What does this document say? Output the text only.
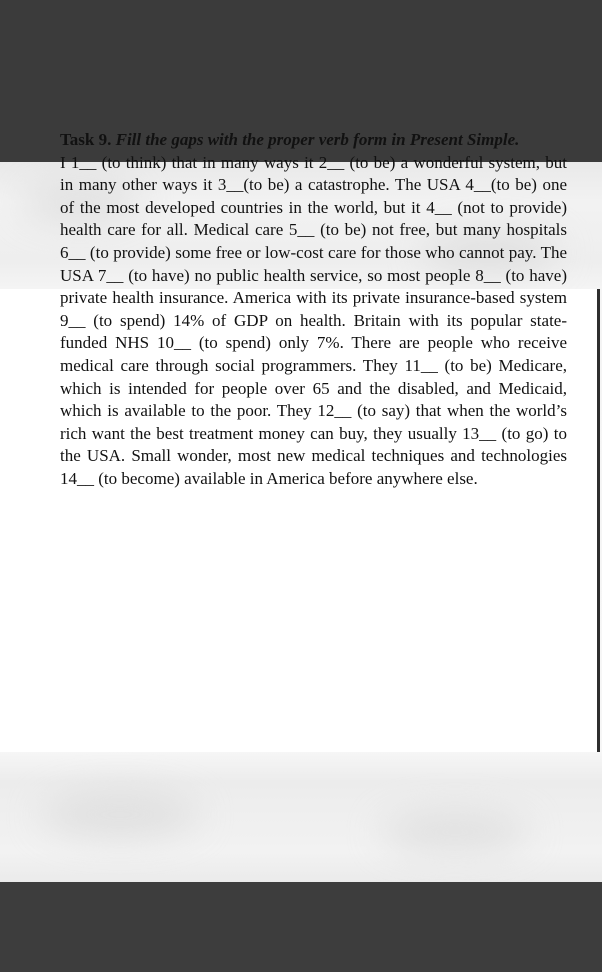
Task 9. Fill the gaps with the proper verb form in Present Simple.

I 1__ (to think) that in many ways it 2__ (to be) a wonderful system, but in many other ways it 3__(to be) a catastrophe. The USA 4__(to be) one of the most developed countries in the world, but it 4__ (not to provide) health care for all. Medical care 5__ (to be) not free, but many hospitals 6__ (to provide) some free or low-cost care for those who cannot pay. The USA 7__ (to have) no public health service, so most people 8__ (to have) private health insurance. America with its private insurance-based system 9__ (to spend) 14% of GDP on health. Britain with its popular state-funded NHS 10__ (to spend) only 7%. There are people who receive medical care through social programmers. They 11__ (to be) Medicare, which is intended for people over 65 and the disabled, and Medicaid, which is available to the poor. They 12__ (to say) that when the world’s rich want the best treatment money can buy, they usually 13__ (to go) to the USA. Small wonder, most new medical techniques and technologies 14__ (to become) available in America before anywhere else.
